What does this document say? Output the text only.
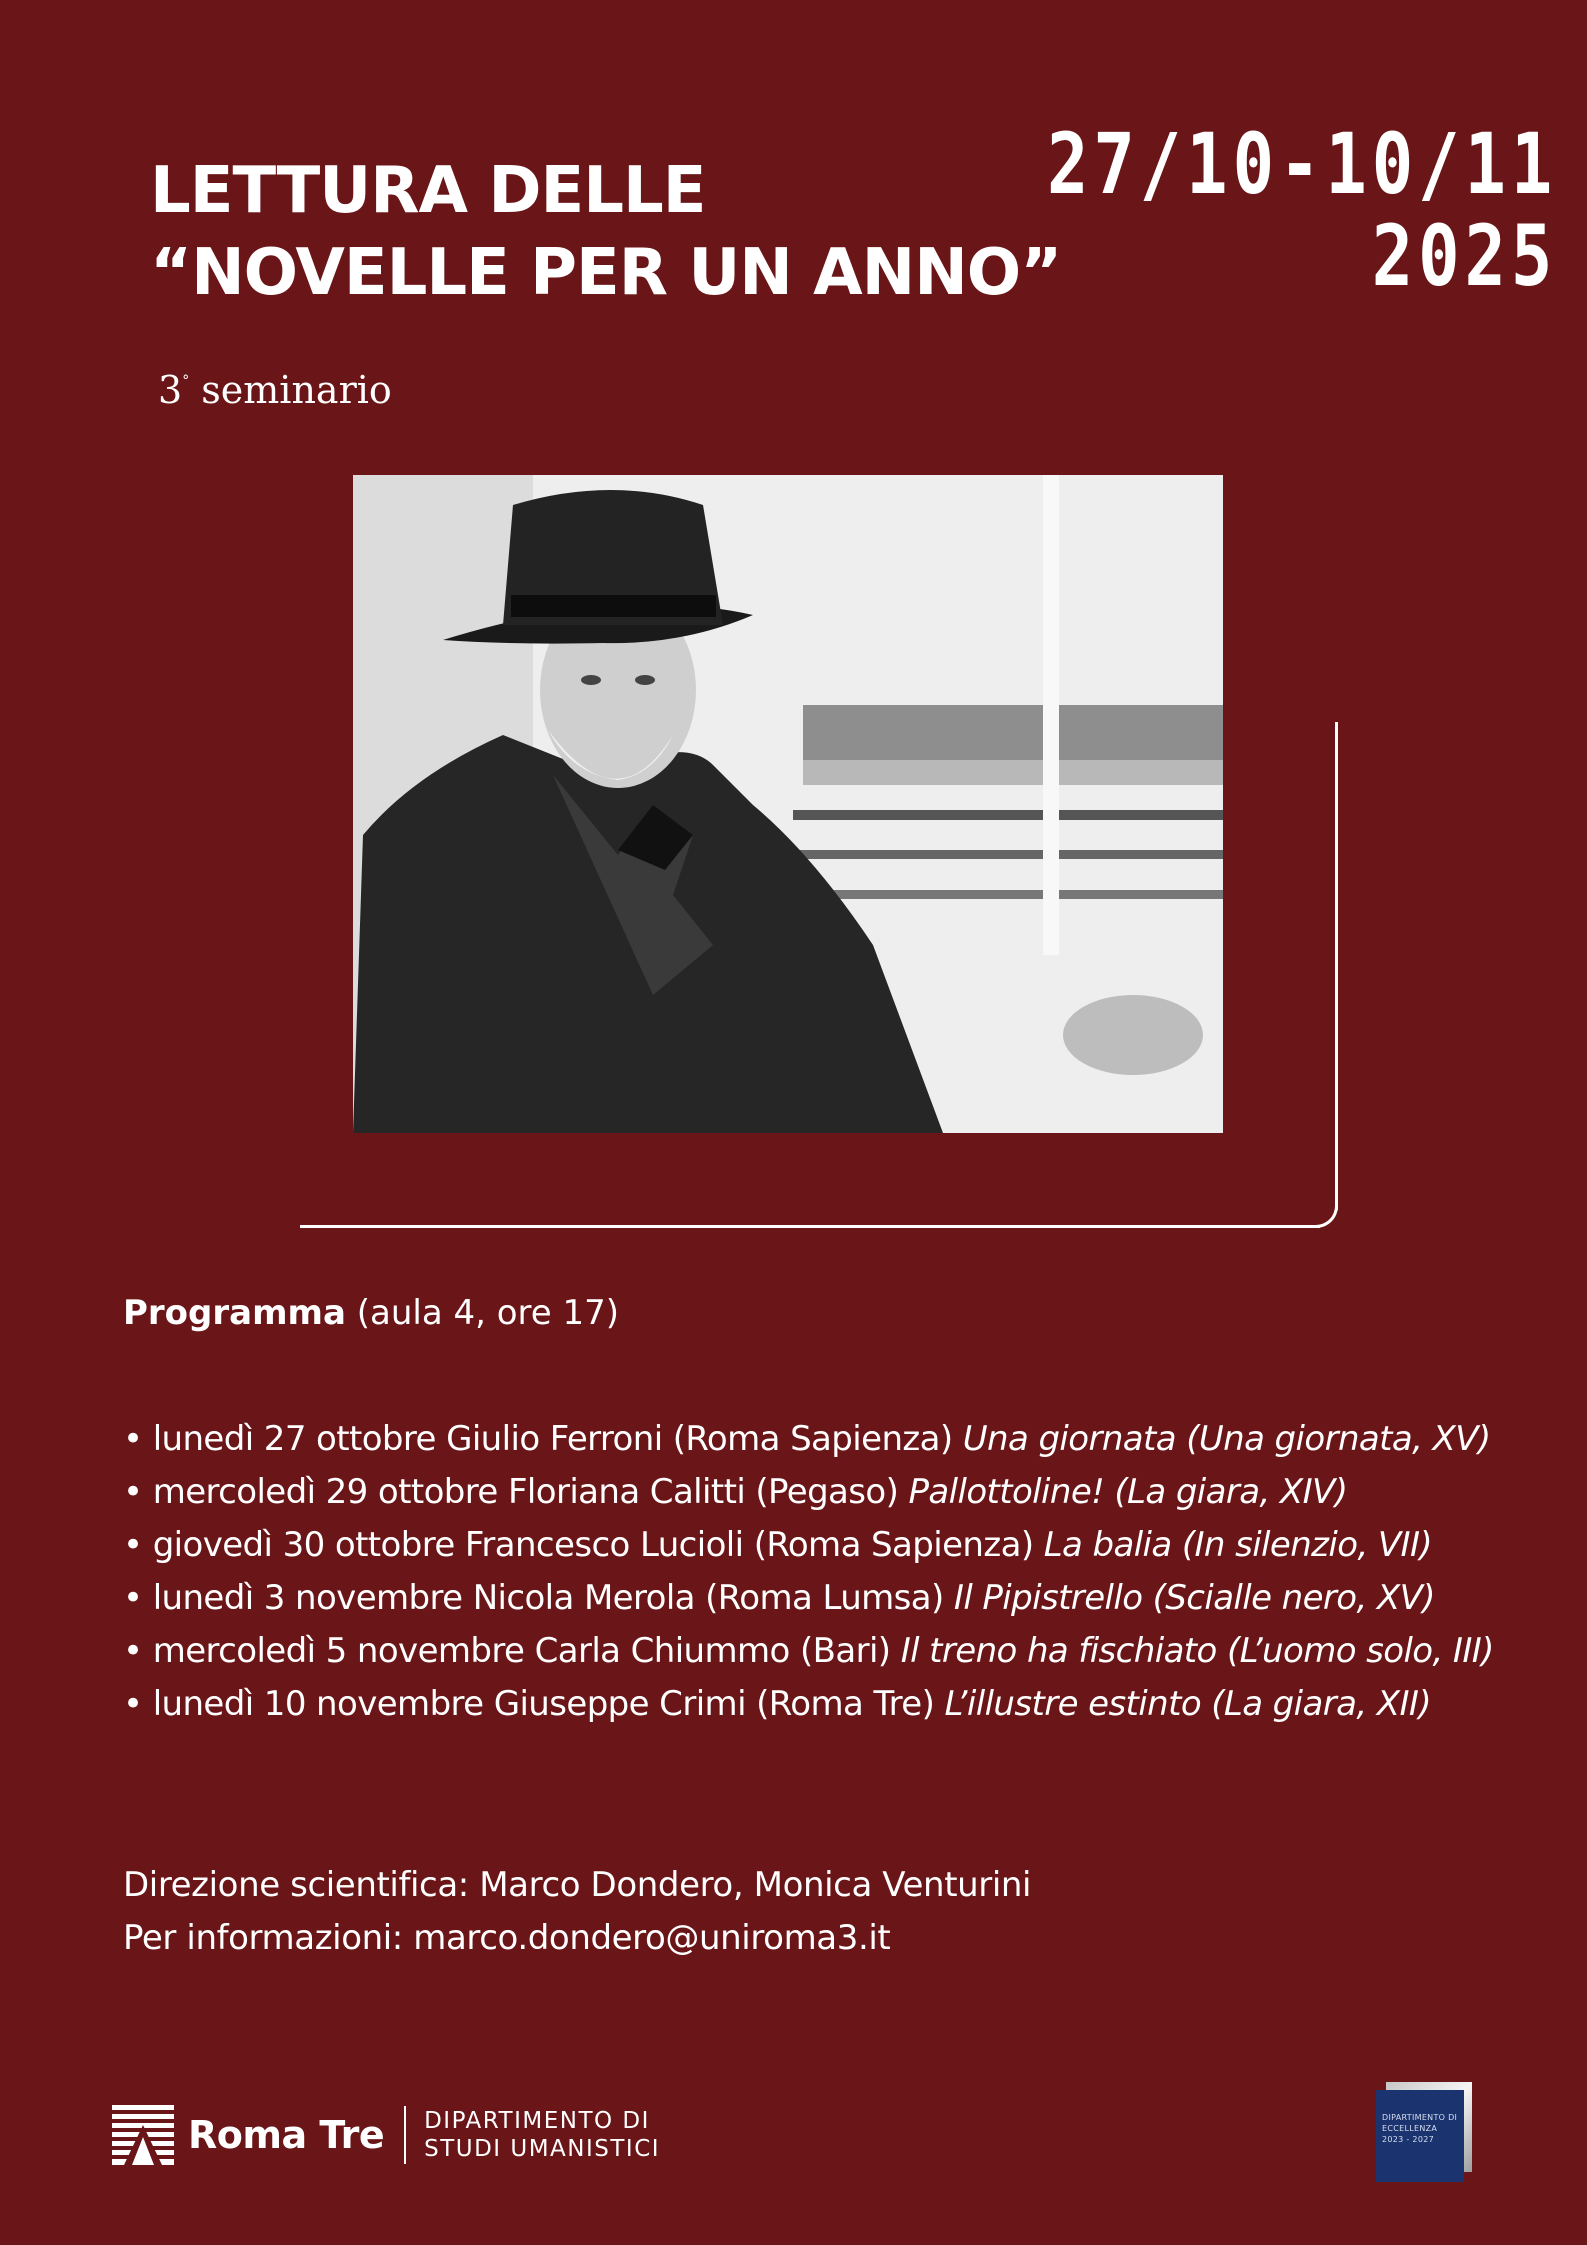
LETTURA DELLE
“NOVELLE PER UN ANNO”
27/10-10/11
2025
3° seminario
Programma (aula 4, ore 17)
• lunedì 27 ottobre Giulio Ferroni (Roma Sapienza) Una giornata (Una giornata, XV)
• mercoledì 29 ottobre Floriana Calitti (Pegaso) Pallottoline! (La giara, XIV)
• giovedì 30 ottobre Francesco Lucioli (Roma Sapienza) La balia (In silenzio, VII)
• lunedì 3 novembre Nicola Merola (Roma Lumsa) Il Pipistrello (Scialle nero, XV)
• mercoledì 5 novembre Carla Chiummo (Bari) Il treno ha fischiato (L’uomo solo, III)
• lunedì 10 novembre Giuseppe Crimi (Roma Tre) L’illustre estinto (La giara, XII)
Direzione scientifica: Marco Dondero, Monica Venturini
Per informazioni: marco.dondero@uniroma3.it
Roma Tre DIPARTIMENTO DI
STUDI UMANISTICI
DIPARTIMENTO DI
ECCELLENZA
2023 - 2027
